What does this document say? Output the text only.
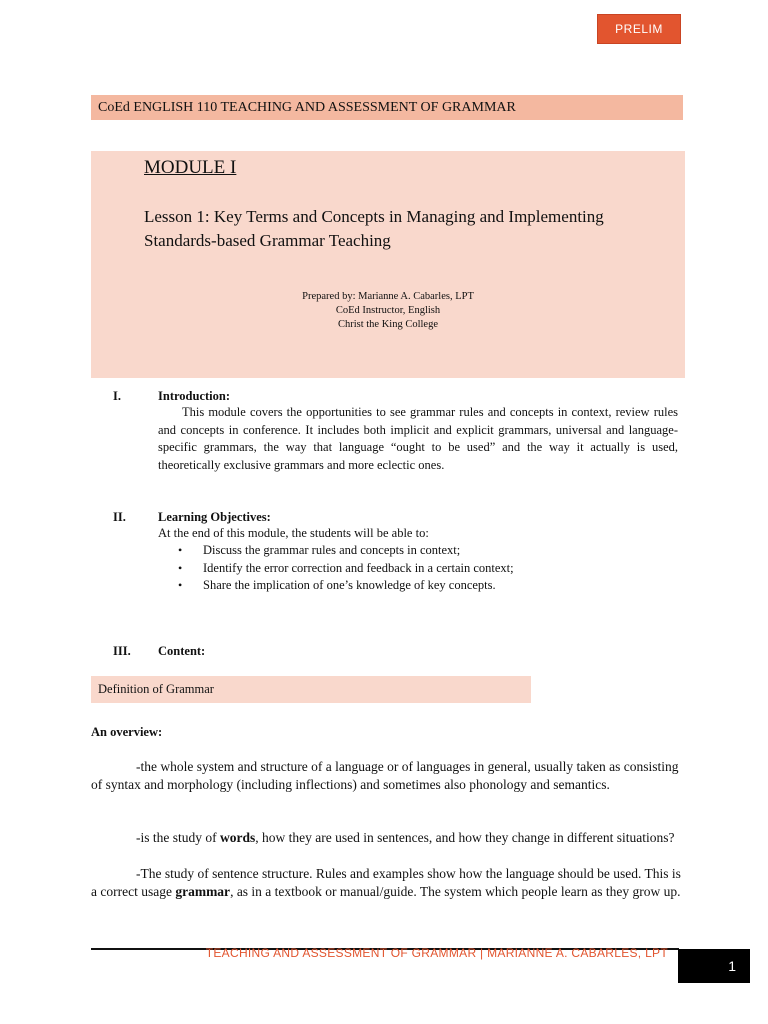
PRELIM
CoEd ENGLISH 110 TEACHING AND ASSESSMENT OF GRAMMAR
MODULE I
Lesson 1: Key Terms and Concepts in Managing and Implementing Standards-based Grammar Teaching
Prepared by: Marianne A. Cabarles, LPT
CoEd Instructor, English
Christ the King College
I.	Introduction:
This module covers the opportunities to see grammar rules and concepts in context, review rules and concepts in conference. It includes both implicit and explicit grammars, universal and language-specific grammars, the way that language “ought to be used” and the way it actually is used, theoretically exclusive grammars and more eclectic ones.
II.	Learning Objectives:
At the end of this module, the students will be able to:
• Discuss the grammar rules and concepts in context;
• Identify the error correction and feedback in a certain context;
• Share the implication of one’s knowledge of key concepts.
III. Content:
Definition of Grammar
An overview:
-the whole system and structure of a language or of languages in general, usually taken as consisting of syntax and morphology (including inflections) and sometimes also phonology and semantics.
-is the study of words, how they are used in sentences, and how they change in different situations?
-The study of sentence structure. Rules and examples show how the language should be used. This is a correct usage grammar, as in a textbook or manual/guide. The system which people learn as they grow up.
TEACHING AND ASSESSMENT OF GRAMMAR | MARIANNE A. CABARLES, LPT
1
